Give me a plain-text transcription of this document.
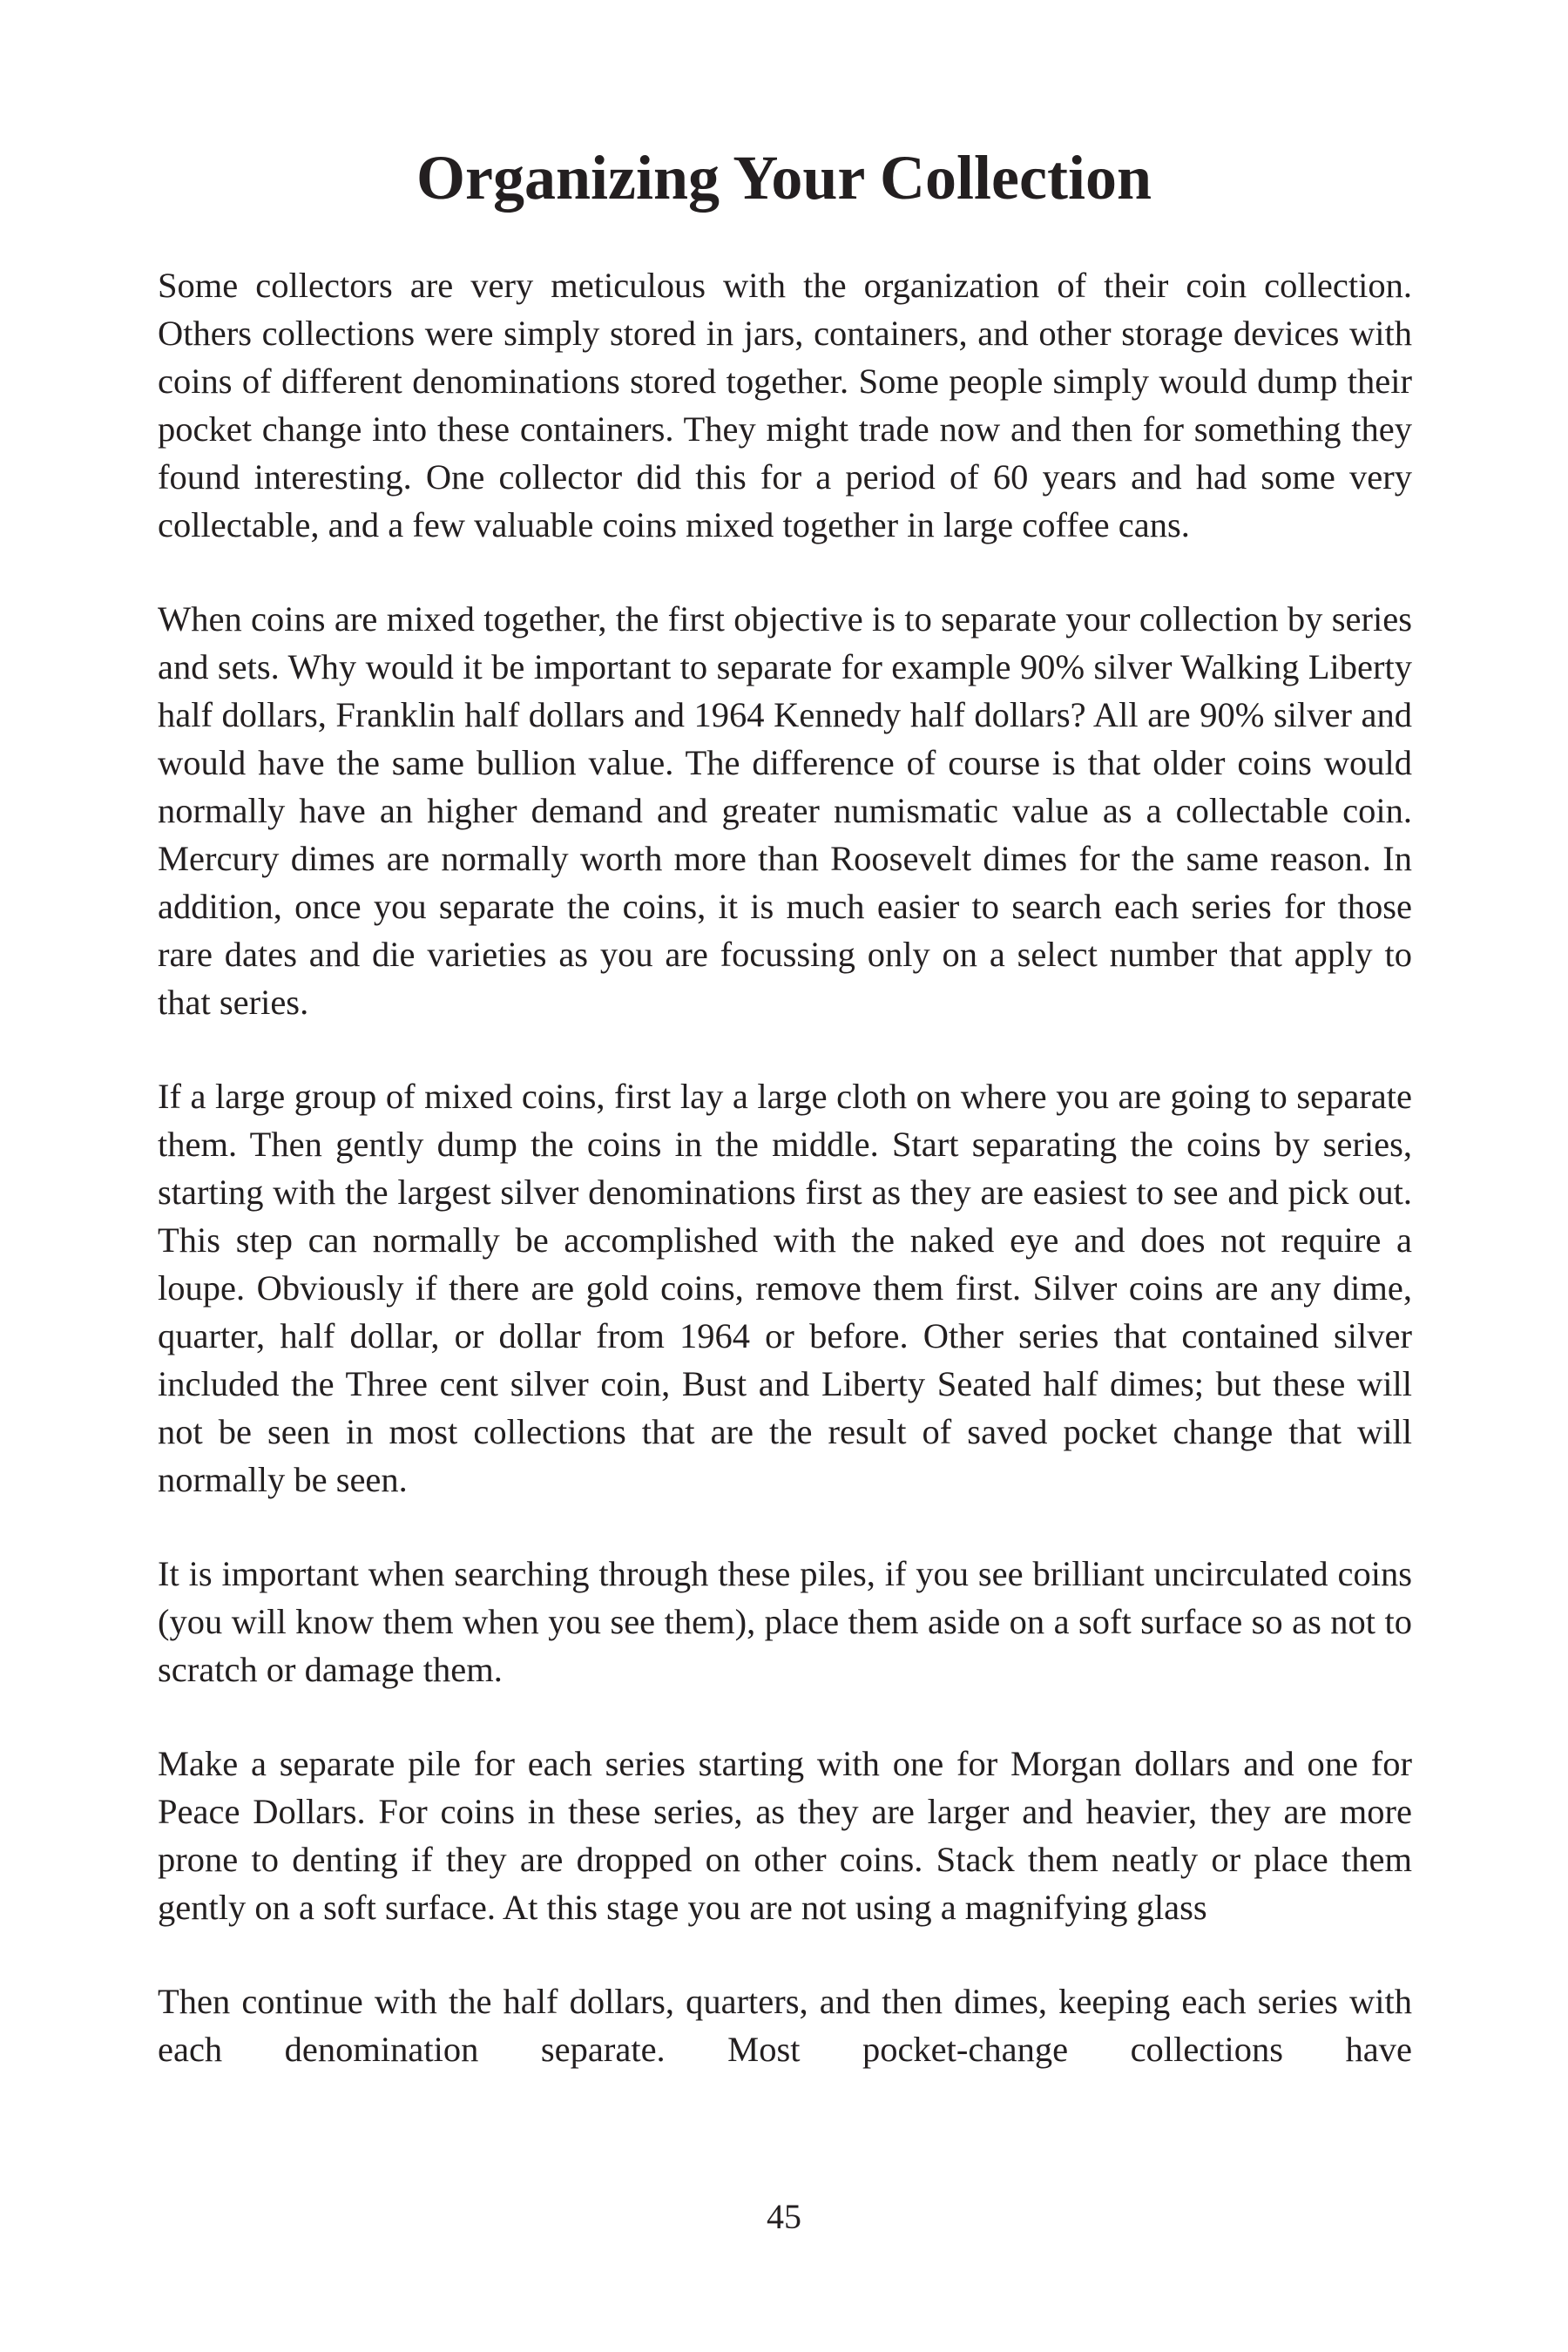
Organizing Your Collection

Some collectors are very meticulous with the organization of their coin collection. Others collections were simply stored in jars, containers, and other storage devices with coins of different denominations stored together. Some people simply would dump their pocket change into these containers. They might trade now and then for something they found interesting. One collector did this for a period of 60 years and had some very collectable, and a few valuable coins mixed together in large coffee cans.

When coins are mixed together, the first objective is to separate your collection by series and sets. Why would it be important to separate for example 90% silver Walking Liberty half dollars, Franklin half dollars and 1964 Kennedy half dollars? All are 90% silver and would have the same bullion value. The difference of course is that older coins would normally have an higher demand and greater numismatic value as a collectable coin. Mercury dimes are normally worth more than Roosevelt dimes for the same reason. In addition, once you separate the coins, it is much easier to search each series for those rare dates and die varieties as you are focussing only on a select number that apply to that series.

If a large group of mixed coins, first lay a large cloth on where you are going to separate them. Then gently dump the coins in the middle. Start separating the coins by series, starting with the largest silver denominations first as they are easiest to see and pick out. This step can normally be accomplished with the naked eye and does not require a loupe. Obviously if there are gold coins, remove them first. Silver coins are any dime, quarter, half dollar, or dollar from 1964 or before. Other series that contained silver included the Three cent silver coin, Bust and Liberty Seated half dimes; but these will not be seen in most collections that are the result of saved pocket change that will normally be seen.

It is important when searching through these piles, if you see brilliant uncirculated coins (you will know them when you see them), place them aside on a soft surface so as not to scratch or damage them.

Make a separate pile for each series starting with one for Morgan dollars and one for Peace Dollars. For coins in these series, as they are larger and heavier, they are more prone to denting if they are dropped on other coins. Stack them neatly or place them gently on a soft surface. At this stage you are not using a magnifying glass

Then continue with the half dollars, quarters, and then dimes, keeping each series with each denomination separate. Most pocket-change collections have

45
